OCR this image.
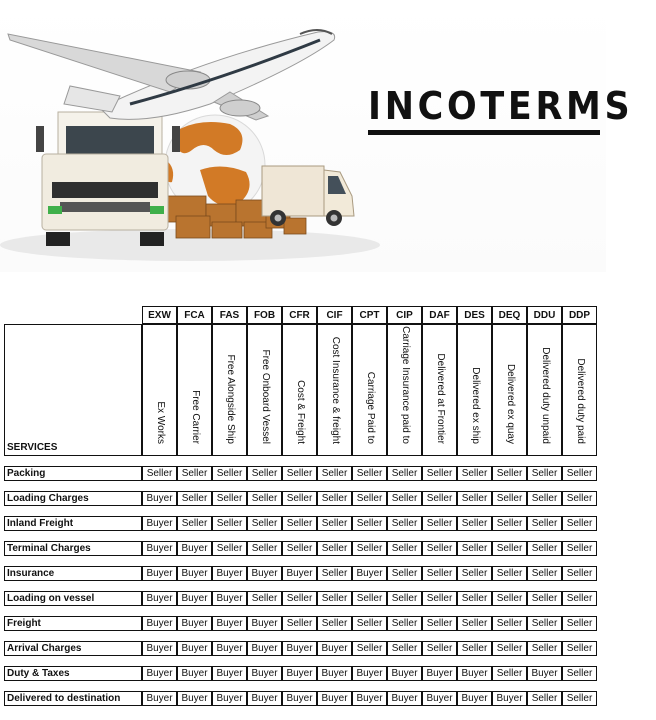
INCOTERMS
	EXW	FCA	FAS	FOB	CFR	CIF	CPT	CIP	DAF	DES	DEQ	DDU	DDP
SERVICES	Ex Works	Free Carrier	Free Alongside Ship	Free Onboard Vessel	Cost & Freight	Cost Insurance & freight	Carriage Paid to	Carriage Insurance paid to	Delivered at Frontier	Delivered ex ship	Delivered ex quay	Delivered duty unpaid	Delivered duty paid

Packing	Seller	Seller	Seller	Seller	Seller	Seller	Seller	Seller	Seller	Seller	Seller	Seller	Seller

Loading Charges	Buyer	Seller	Seller	Seller	Seller	Seller	Seller	Seller	Seller	Seller	Seller	Seller	Seller

Inland Freight	Buyer	Seller	Seller	Seller	Seller	Seller	Seller	Seller	Seller	Seller	Seller	Seller	Seller

Terminal Charges	Buyer	Buyer	Seller	Seller	Seller	Seller	Seller	Seller	Seller	Seller	Seller	Seller	Seller

Insurance	Buyer	Buyer	Buyer	Buyer	Buyer	Seller	Buyer	Seller	Seller	Seller	Seller	Seller	Seller

Loading on vessel	Buyer	Buyer	Buyer	Seller	Seller	Seller	Seller	Seller	Seller	Seller	Seller	Seller	Seller

Freight	Buyer	Buyer	Buyer	Buyer	Seller	Seller	Seller	Seller	Seller	Seller	Seller	Seller	Seller

Arrival Charges	Buyer	Buyer	Buyer	Buyer	Buyer	Buyer	Seller	Seller	Seller	Seller	Seller	Seller	Seller

Duty & Taxes	Buyer	Buyer	Buyer	Buyer	Buyer	Buyer	Buyer	Buyer	Buyer	Buyer	Seller	Buyer	Seller

Delivered to destination	Buyer	Buyer	Buyer	Buyer	Buyer	Buyer	Buyer	Buyer	Buyer	Buyer	Buyer	Seller	Seller
